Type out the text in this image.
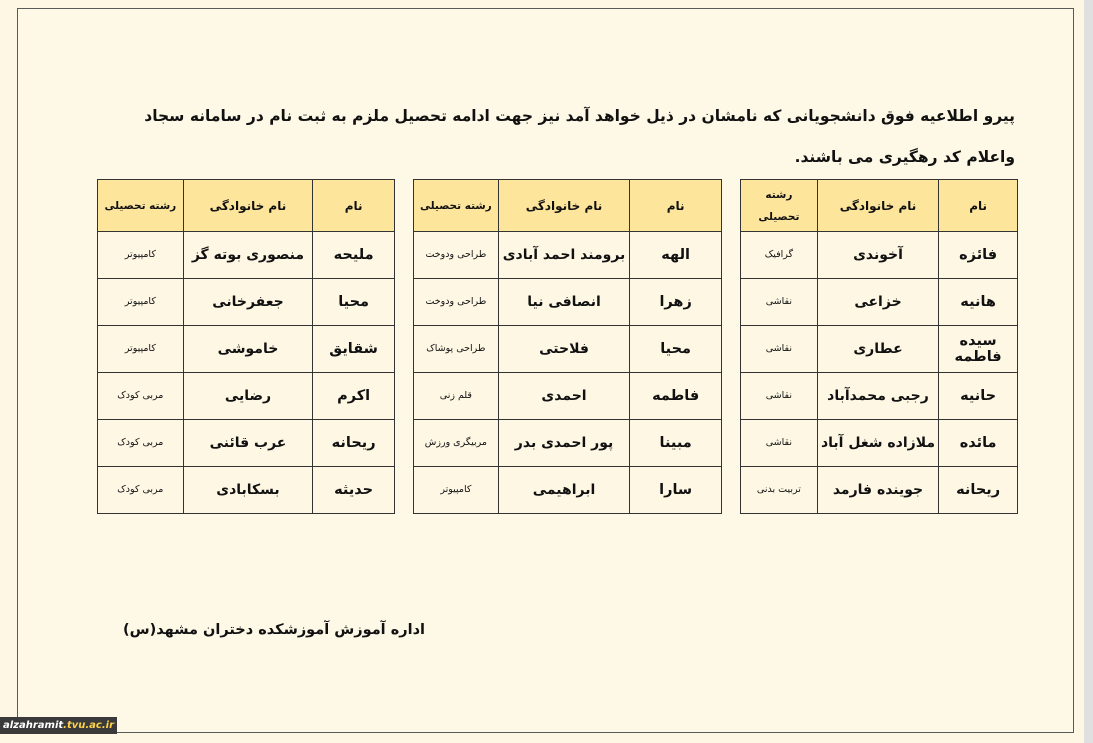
پیرو اطلاعیه فوق دانشجویانی که نامشان در ذیل خواهد آمد نیز جهت ادامه تحصیل ملزم به ثبت نام در سامانه سجاد واعلام کد رهگیری می باشند.
نام	نام خانوادگی	رشته تحصیلی
فائزه	آخوندی	گرافیک
هانیه	خزاعی	نقاشی
سیده فاطمه	عطاری	نقاشی
حانیه	رجبی محمدآباد	نقاشی
مائده	ملازاده شغل آباد	نقاشی
ریحانه	جوینده فارمد	تربیت بدنی
نام	نام خانوادگی	رشته تحصیلی
الهه	برومند احمد آبادی	طراحی ودوخت
زهرا	انصافی نیا	طراحی ودوخت
محیا	فلاحتی	طراحی پوشاک
فاطمه	احمدی	قلم زنی
مبینا	پور احمدی بدر	مربیگری ورزش
سارا	ابراهیمی	کامپیوتر
نام	نام خانوادگی	رشته تحصیلی
ملیحه	منصوری بوته گز	کامپیوتر
محیا	جعفرخانی	کامپیوتر
شقایق	خاموشی	کامپیوتر
اکرم	رضایی	مربی کودک
ریحانه	عرب قائنی	مربی کودک
حدیثه	بسکابادی	مربی کودک
اداره آموزش آموزشکده دختران مشهد(س)
alzahramit.tvu.ac.ir
